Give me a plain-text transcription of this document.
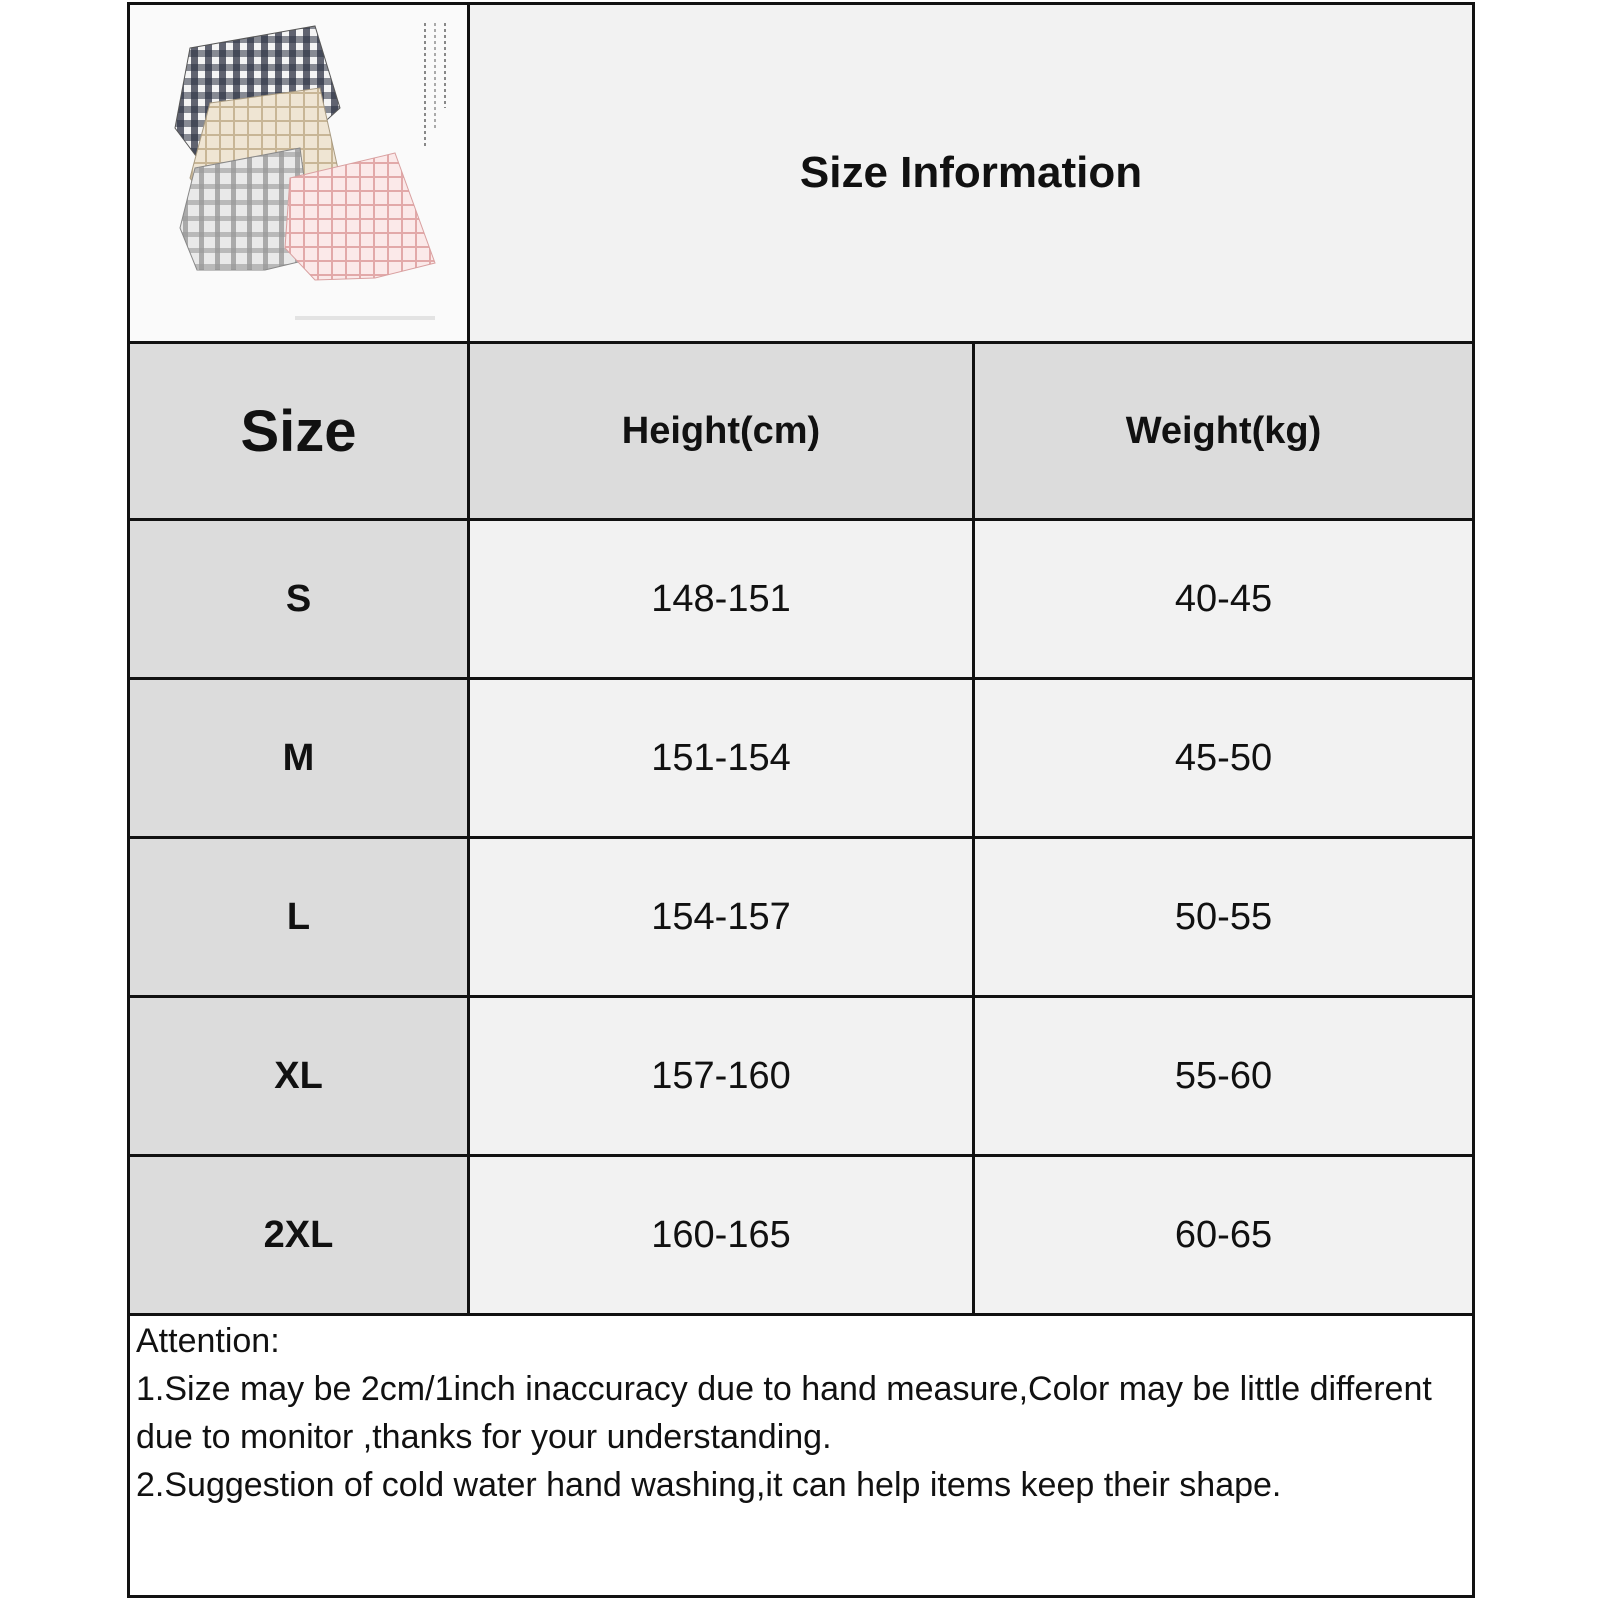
Size Information
Size	Height(cm)	Weight(kg)
S	148-151	40-45
M	151-154	45-50
L	154-157	50-55
XL	157-160	55-60
2XL	160-165	60-65
Attention:
1.Size may be 2cm/1inch inaccuracy due to hand measure,Color may be little different due to monitor ,thanks for your understanding.
2.Suggestion of cold water hand washing,it can help items keep their shape.
